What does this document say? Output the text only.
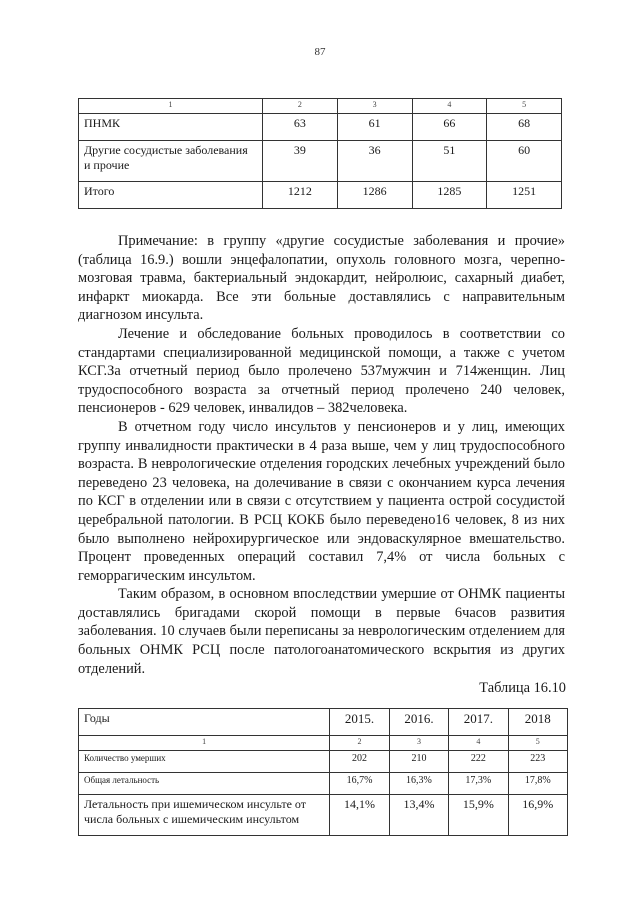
87
1	2	3	4	5
ПНМК	63	61	66	68
Другие сосудистые заболевания и прочие	39	36	51	60
Итого	1212	1286	1285	1251

Примечание: в группу «другие сосудистые заболевания и прочие» (таблица 16.9.) вошли энцефалопатии, опухоль головного мозга, черепно-мозговая травма, бактериальный эндокардит, нейролюис, сахарный диабет, инфаркт миокарда. Все эти больные доставлялись с направительным диагнозом инсульта.

Лечение и обследование больных проводилось в соответствии со стандартами специализированной медицинской помощи, а также с учетом КСГ.За отчетный период было пролечено 537мужчин и 714женщин. Лиц трудоспособного возраста за отчетный период пролечено 240 человек, пенсионеров - 629 человек, инвалидов – 382человека.

В отчетном году число инсультов у пенсионеров и у лиц, имеющих группу инвалидности практически в 4 раза выше, чем у лиц трудоспособного возраста. В неврологические отделения городских лечебных учреждений было переведено 23 человека, на долечивание в связи с окончанием курса лечения по КСГ в отделении или в связи с отсутствием у пациента острой сосудистой церебральной патологии. В РСЦ КОКБ было переведено16 человек, 8 из них было выполнено нейрохирургическое или эндоваскулярное вмешательство. Процент проведенных операций составил 7,4% от числа больных с геморрагическим инсультом.

Таким образом, в основном впоследствии умершие от ОНМК пациенты доставлялись бригадами скорой помощи в первые 6часов развития заболевания. 10 случаев были переписаны за неврологическим отделением для больных ОНМК РСЦ после патологоанатомического вскрытия из других отделений.

Таблица 16.10
Годы	2015.	2016.	2017.	2018
1	2	3	4	5
Количество умерших	202	210	222	223
Общая летальность	16,7%	16,3%	17,3%	17,8%
Летальность при ишемическом инсульте от числа больных с ишемическим инсультом	14,1%	13,4%	15,9%	16,9%
